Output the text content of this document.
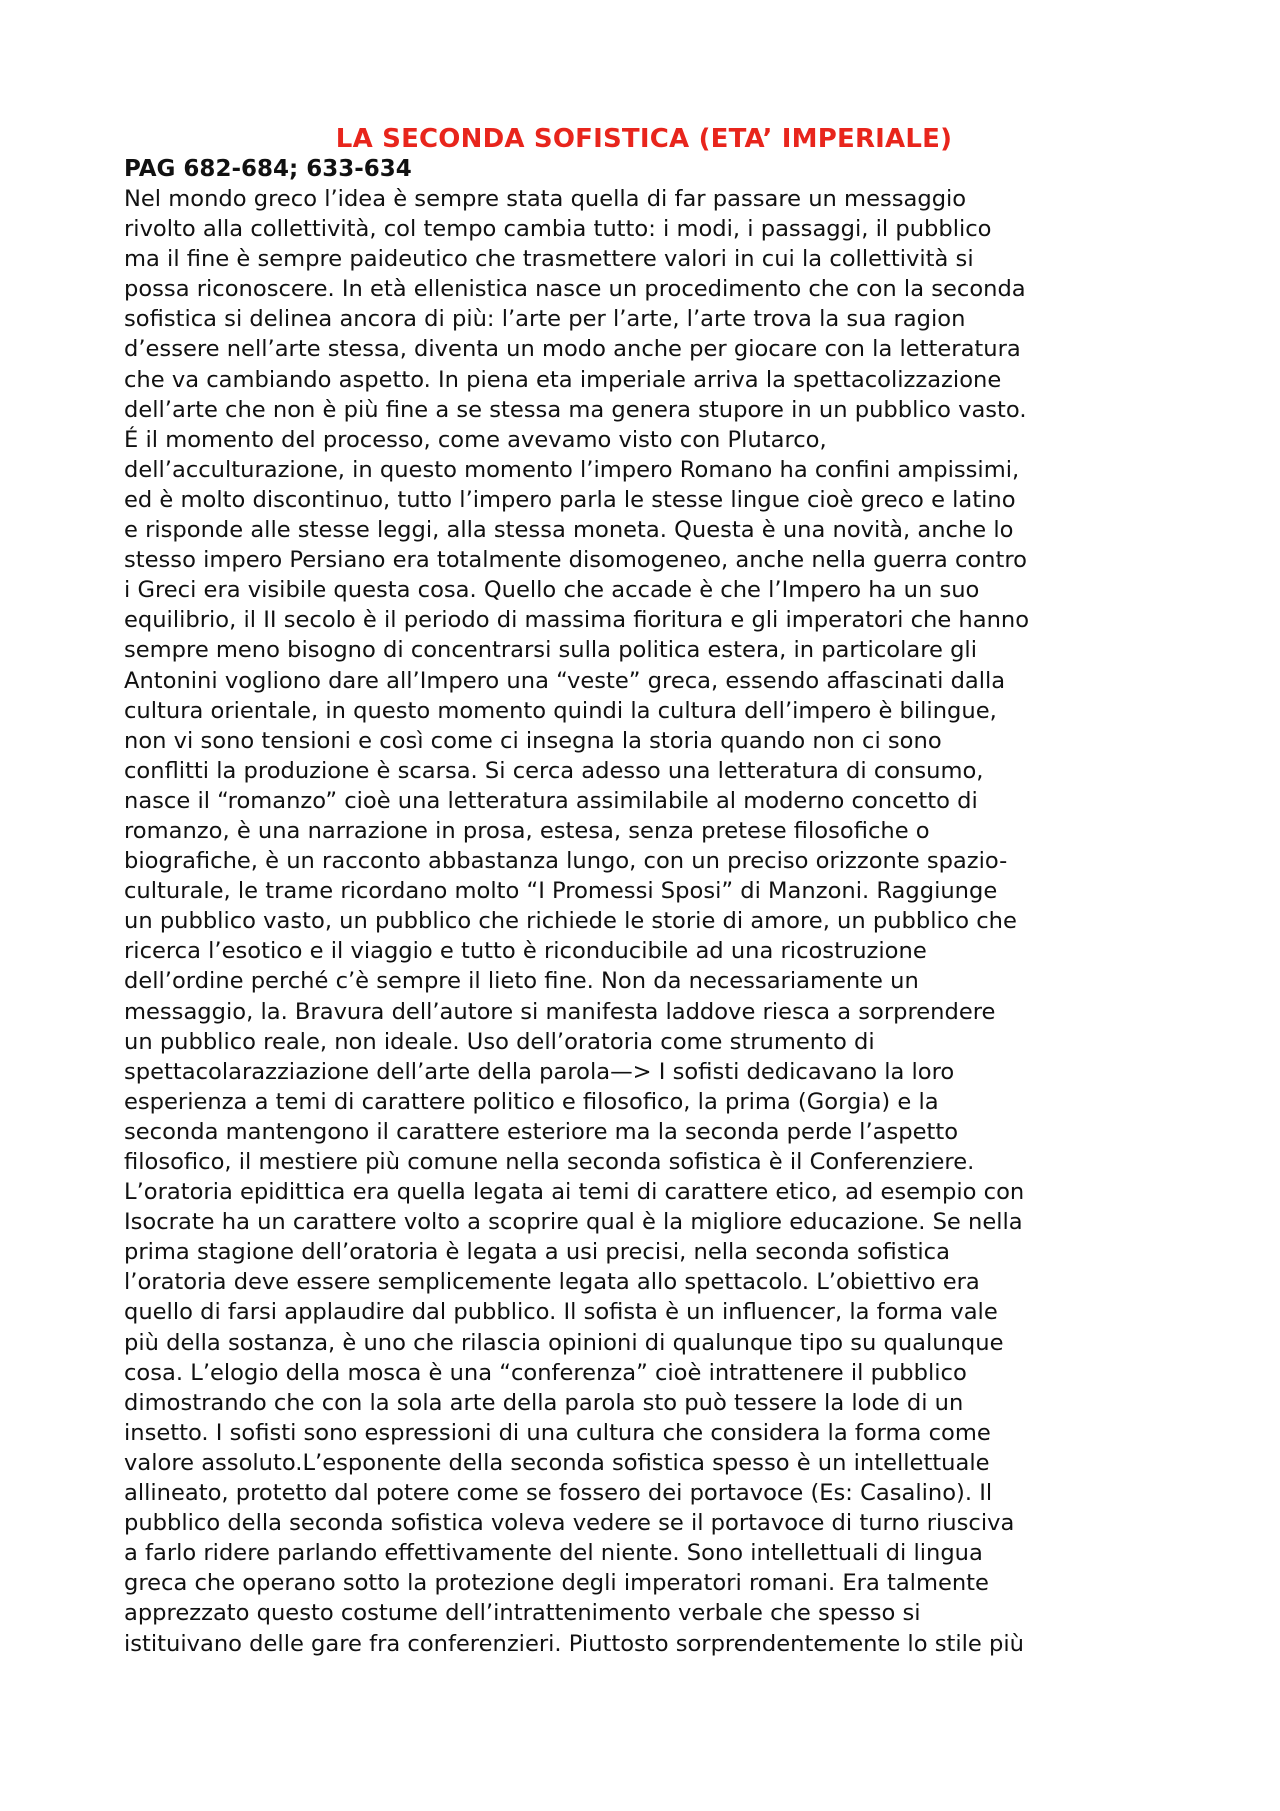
LA SECONDA SOFISTICA (ETA’ IMPERIALE)

PAG 682-684; 633-634

Nel mondo greco l’idea è sempre stata quella di far passare un messaggio

rivolto alla collettività, col tempo cambia tutto: i modi, i passaggi, il pubblico

ma il fine è sempre paideutico che trasmettere valori in cui la collettività si

possa riconoscere. In età ellenistica nasce un procedimento che con la seconda

sofistica si delinea ancora di più: l’arte per l’arte, l’arte trova la sua ragion

d’essere nell’arte stessa, diventa un modo anche per giocare con la letteratura

che va cambiando aspetto. In piena eta imperiale arriva la spettacolizzazione

dell’arte che non è più fine a se stessa ma genera stupore in un pubblico vasto.

É il momento del processo, come avevamo visto con Plutarco,

dell’acculturazione, in questo momento l’impero Romano ha confini ampissimi,

ed è molto discontinuo, tutto l’impero parla le stesse lingue cioè greco e latino

e risponde alle stesse leggi, alla stessa moneta. Questa è una novità, anche lo

stesso impero Persiano era totalmente disomogeneo, anche nella guerra contro

i Greci era visibile questa cosa. Quello che accade è che l’Impero ha un suo

equilibrio, il II secolo è il periodo di massima fioritura e gli imperatori che hanno

sempre meno bisogno di concentrarsi sulla politica estera, in particolare gli

Antonini vogliono dare all’Impero una “veste” greca, essendo affascinati dalla

cultura orientale, in questo momento quindi la cultura dell’impero è bilingue,

non vi sono tensioni e così come ci insegna la storia quando non ci sono

conflitti la produzione è scarsa. Si cerca adesso una letteratura di consumo,

nasce il “romanzo” cioè una letteratura assimilabile al moderno concetto di

romanzo, è una narrazione in prosa, estesa, senza pretese filosofiche o

biografiche, è un racconto abbastanza lungo, con un preciso orizzonte spazio-

culturale, le trame ricordano molto “I Promessi Sposi” di Manzoni. Raggiunge

un pubblico vasto, un pubblico che richiede le storie di amore, un pubblico che

ricerca l’esotico e il viaggio e tutto è riconducibile ad una ricostruzione

dell’ordine perché c’è sempre il lieto fine. Non da necessariamente un

messaggio, la. Bravura dell’autore si manifesta laddove riesca a sorprendere

un pubblico reale, non ideale. Uso dell’oratoria come strumento di

spettacolarazziazione dell’arte della parola—> I sofisti dedicavano la loro

esperienza a temi di carattere politico e filosofico, la prima (Gorgia) e la

seconda mantengono il carattere esteriore ma la seconda perde l’aspetto

filosofico, il mestiere più comune nella seconda sofistica è il Conferenziere.

L’oratoria epidittica era quella legata ai temi di carattere etico, ad esempio con

Isocrate ha un carattere volto a scoprire qual è la migliore educazione. Se nella

prima stagione dell’oratoria è legata a usi precisi, nella seconda sofistica

l’oratoria deve essere semplicemente legata allo spettacolo. L’obiettivo era

quello di farsi applaudire dal pubblico. Il sofista è un influencer, la forma vale

più della sostanza, è uno che rilascia opinioni di qualunque tipo su qualunque

cosa. L’elogio della mosca è una “conferenza” cioè intrattenere il pubblico

dimostrando che con la sola arte della parola sto può tessere la lode di un

insetto. I sofisti sono espressioni di una cultura che considera la forma come

valore assoluto.L’esponente della seconda sofistica spesso è un intellettuale

allineato, protetto dal potere come se fossero dei portavoce (Es: Casalino). Il

pubblico della seconda sofistica voleva vedere se il portavoce di turno riusciva

a farlo ridere parlando effettivamente del niente. Sono intellettuali di lingua

greca che operano sotto la protezione degli imperatori romani. Era talmente

apprezzato questo costume dell’intrattenimento verbale che spesso si

istituivano delle gare fra conferenzieri. Piuttosto sorprendentemente lo stile più
